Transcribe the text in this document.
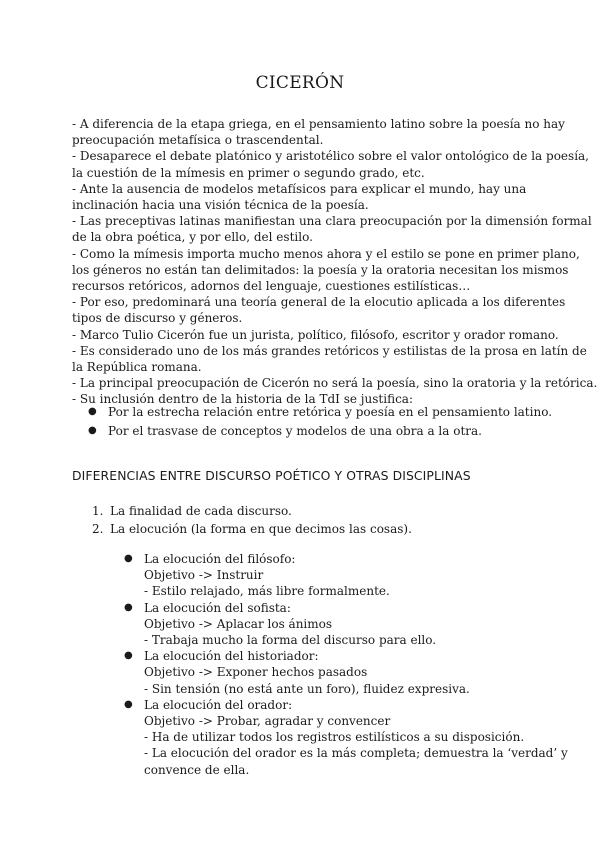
CICERÓN
- A diferencia de la etapa griega, en el pensamiento latino sobre la poesía no hay
preocupación metafísica o trascendental.
- Desaparece el debate platónico y aristotélico sobre el valor ontológico de la poesía,
la cuestión de la mímesis en primer o segundo grado, etc.
- Ante la ausencia de modelos metafísicos para explicar el mundo, hay una
inclinación hacia una visión técnica de la poesía.
- Las preceptivas latinas manifiestan una clara preocupación por la dimensión formal
de la obra poética, y por ello, del estilo.
- Como la mímesis importa mucho menos ahora y el estilo se pone en primer plano,
los géneros no están tan delimitados: la poesía y la oratoria necesitan los mismos
recursos retóricos, adornos del lenguaje, cuestiones estilísticas…
- Por eso, predominará una teoría general de la elocutio aplicada a los diferentes
tipos de discurso y géneros.
- Marco Tulio Cicerón fue un jurista, político, filósofo, escritor y orador romano.
- Es considerado uno de los más grandes retóricos y estilistas de la prosa en latín de
la República romana.
- La principal preocupación de Cicerón no será la poesía, sino la oratoria y la retórica.
- Su inclusión dentro de la historia de la TdI se justifica:
● Por la estrecha relación entre retórica y poesía en el pensamiento latino.
● Por el trasvase de conceptos y modelos de una obra a la otra.
DIFERENCIAS ENTRE DISCURSO POÉTICO Y OTRAS DISCIPLINAS
1. La finalidad de cada discurso.
2. La elocución (la forma en que decimos las cosas).
● La elocución del filósofo:
Objetivo -> Instruir
- Estilo relajado, más libre formalmente.
● La elocución del sofista:
Objetivo -> Aplacar los ánimos
- Trabaja mucho la forma del discurso para ello.
● La elocución del historiador:
Objetivo -> Exponer hechos pasados
- Sin tensión (no está ante un foro), fluidez expresiva.
● La elocución del orador:
Objetivo -> Probar, agradar y convencer
- Ha de utilizar todos los registros estilísticos a su disposición.
- La elocución del orador es la más completa; demuestra la ‘verdad’ y
convence de ella.
